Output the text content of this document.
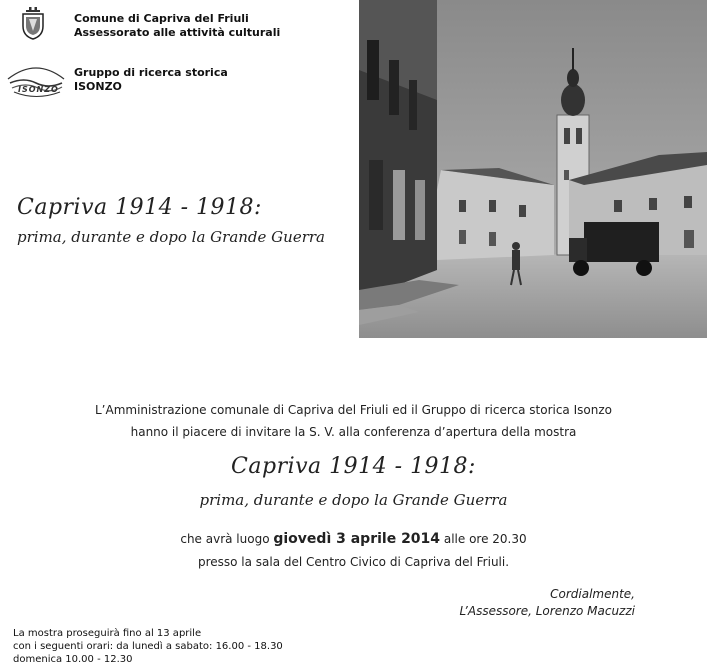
Comune di Capriva del Friuli
Assessorato alle attività culturali
ISONZO
Gruppo di ricerca storica
ISONZO
Capriva 1914 - 1918:
prima, durante e dopo la Grande Guerra
L’Amministrazione comunale di Capriva del Friuli ed il Gruppo di ricerca storica Isonzo
hanno il piacere di invitare la S. V. alla conferenza d’apertura della mostra
Capriva 1914 - 1918:
prima, durante e dopo la Grande Guerra
che avrà luogo giovedì 3 aprile 2014 alle ore 20.30
presso la sala del Centro Civico di Capriva del Friuli.
Cordialmente,
L’Assessore, Lorenzo Macuzzi
La mostra proseguirà fino al 13 aprile
con i seguenti orari: da lunedì a sabato: 16.00 - 18.30
domenica 10.00 - 12.30
